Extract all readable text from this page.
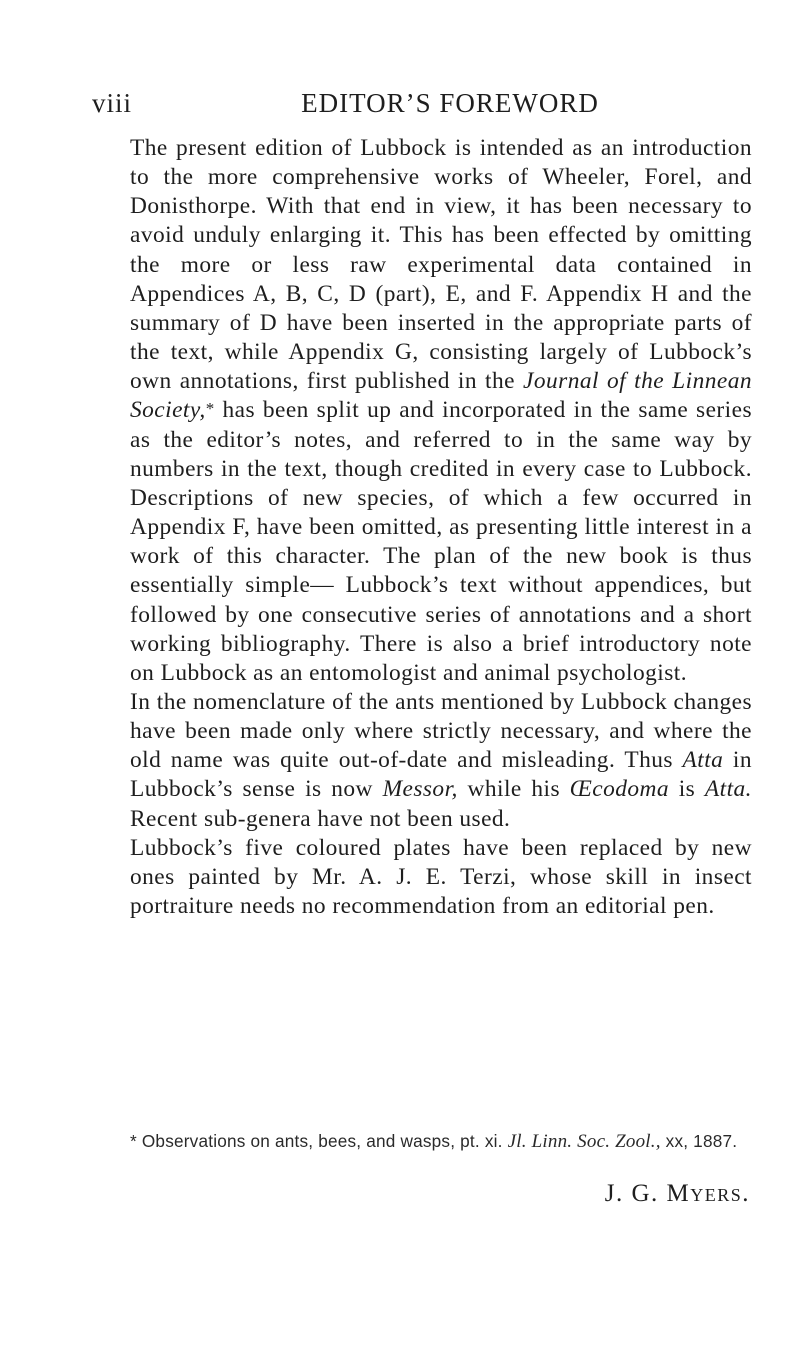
viii	EDITOR’S FOREWORD

The present edition of Lubbock is intended as an introduction to the more comprehensive works of Wheeler, Forel, and Donisthorpe. With that end in view, it has been necessary to avoid unduly enlarging it. This has been effected by omitting the more or less raw experimental data contained in Appendices A, B, C, D (part), E, and F. Appendix H and the summary of D have been inserted in the appropriate parts of the text, while Appendix G, consisting largely of Lubbock’s own annotations, first published in the Journal of the Linnean Society,* has been split up and incorporated in the same series as the editor’s notes, and referred to in the same way by numbers in the text, though credited in every case to Lubbock. Descriptions of new species, of which a few occurred in Appendix F, have been omitted, as presenting little interest in a work of this character. The plan of the new book is thus essentially simple— Lubbock’s text without appendices, but followed by one consecutive series of annotations and a short working bibliography. There is also a brief introductory note on Lubbock as an entomologist and animal psychologist.

In the nomenclature of the ants mentioned by Lubbock changes have been made only where strictly necessary, and where the old name was quite out-of-date and misleading. Thus Atta in Lubbock’s sense is now Messor, while his Œcodoma is Atta. Recent sub-genera have not been used.

Lubbock’s five coloured plates have been replaced by new ones painted by Mr. A. J. E. Terzi, whose skill in insect portraiture needs no recommendation from an editorial pen.

* Observations on ants, bees, and wasps, pt. xi. Jl. Linn. Soc. Zool., xx, 1887.
J. G. Myers.
